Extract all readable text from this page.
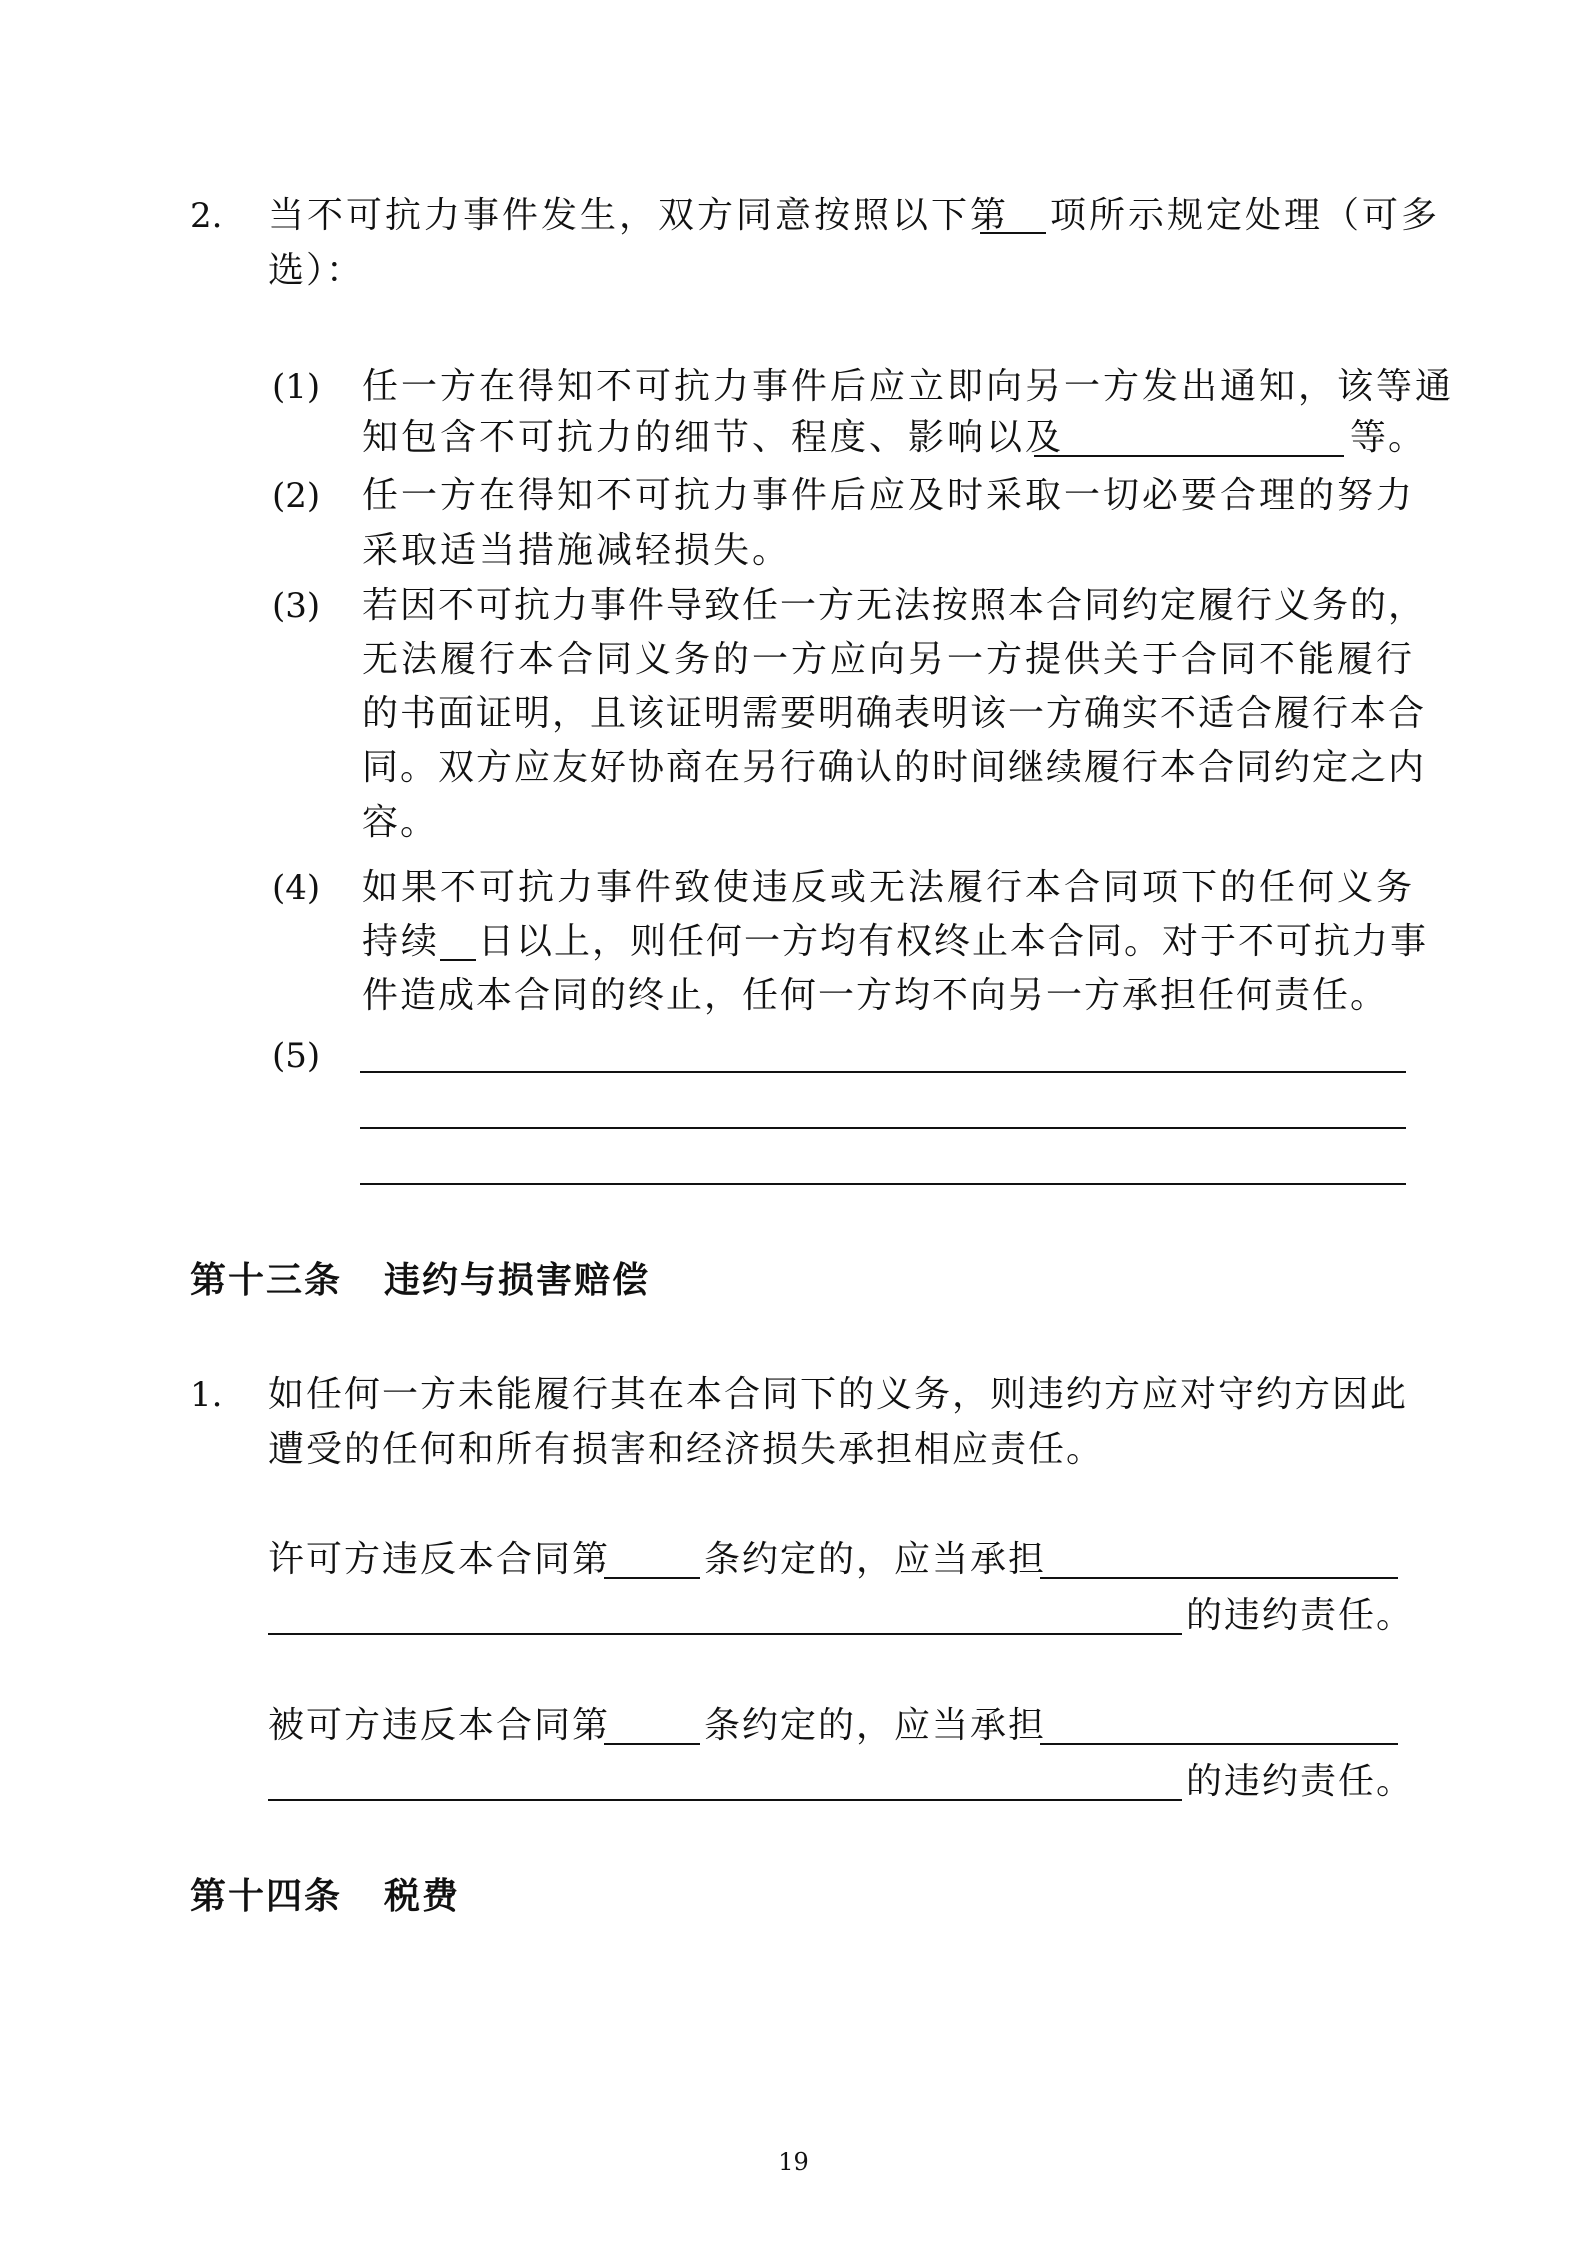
2. 当不可抗力事件发生，双方同意按照以下第 项所示规定处理（可多
选）：
(1) 任一方在得知不可抗力事件后应立即向另一方发出通知，该等通
知包含不可抗力的细节、程度、影响以及	等。
(2) 任一方在得知不可抗力事件后应及时采取一切必要合理的努力
采取适当措施减轻损失。
(3) 若因不可抗力事件导致任一方无法按照本合同约定履行义务的，
无法履行本合同义务的一方应向另一方提供关于合同不能履行
的书面证明，且该证明需要明确表明该一方确实不适合履行本合
同。双方应友好协商在另行确认的时间继续履行本合同约定之内
容。
(4) 如果不可抗力事件致使违反或无法履行本合同项下的任何义务
持续 日以上，则任何一方均有权终止本合同。对于不可抗力事
件造成本合同的终止，任何一方均不向另一方承担任何责任。
(5)
第十三条 违约与损害赔偿
1. 如任何一方未能履行其在本合同下的义务，则违约方应对守约方因此
遭受的任何和所有损害和经济损失承担相应责任。
许可方违反本合同第	条约定的，应当承担
的违约责任。
被可方违反本合同第	条约定的，应当承担
的违约责任。
第十四条 税费
19
